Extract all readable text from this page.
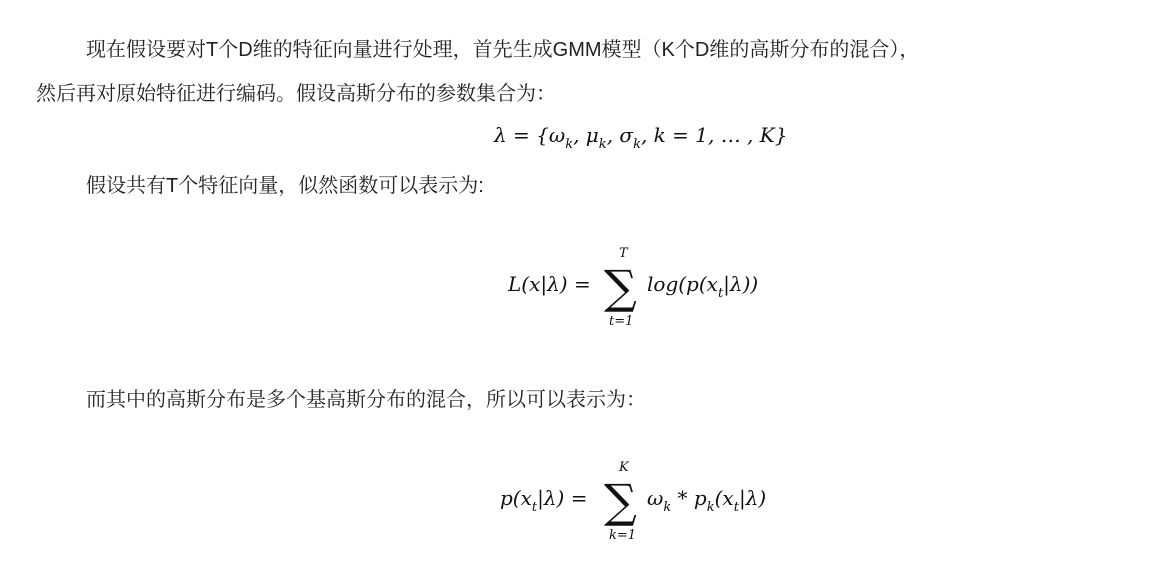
现在假设要对T个D维的特征向量进行处理，首先生成GMM模型（K个D维的高斯分布的混合），
然后再对原始特征进行编码。假设高斯分布的参数集合为：
$\lambda = \{\omega_k$, $\mu_k$, $\sigma_k$, k = 1, … , K}
假设共有T个特征向量，似然函数可以表示为:
L(x|λ) =
T
∑
t=1
$\log(p(x_t|\lambda))$
而其中的高斯分布是多个基高斯分布的混合，所以可以表示为：
$p(x_t|\lambda)$ =
K
∑
k=1
$\omega_k * p_k(x_t|\lambda)$
